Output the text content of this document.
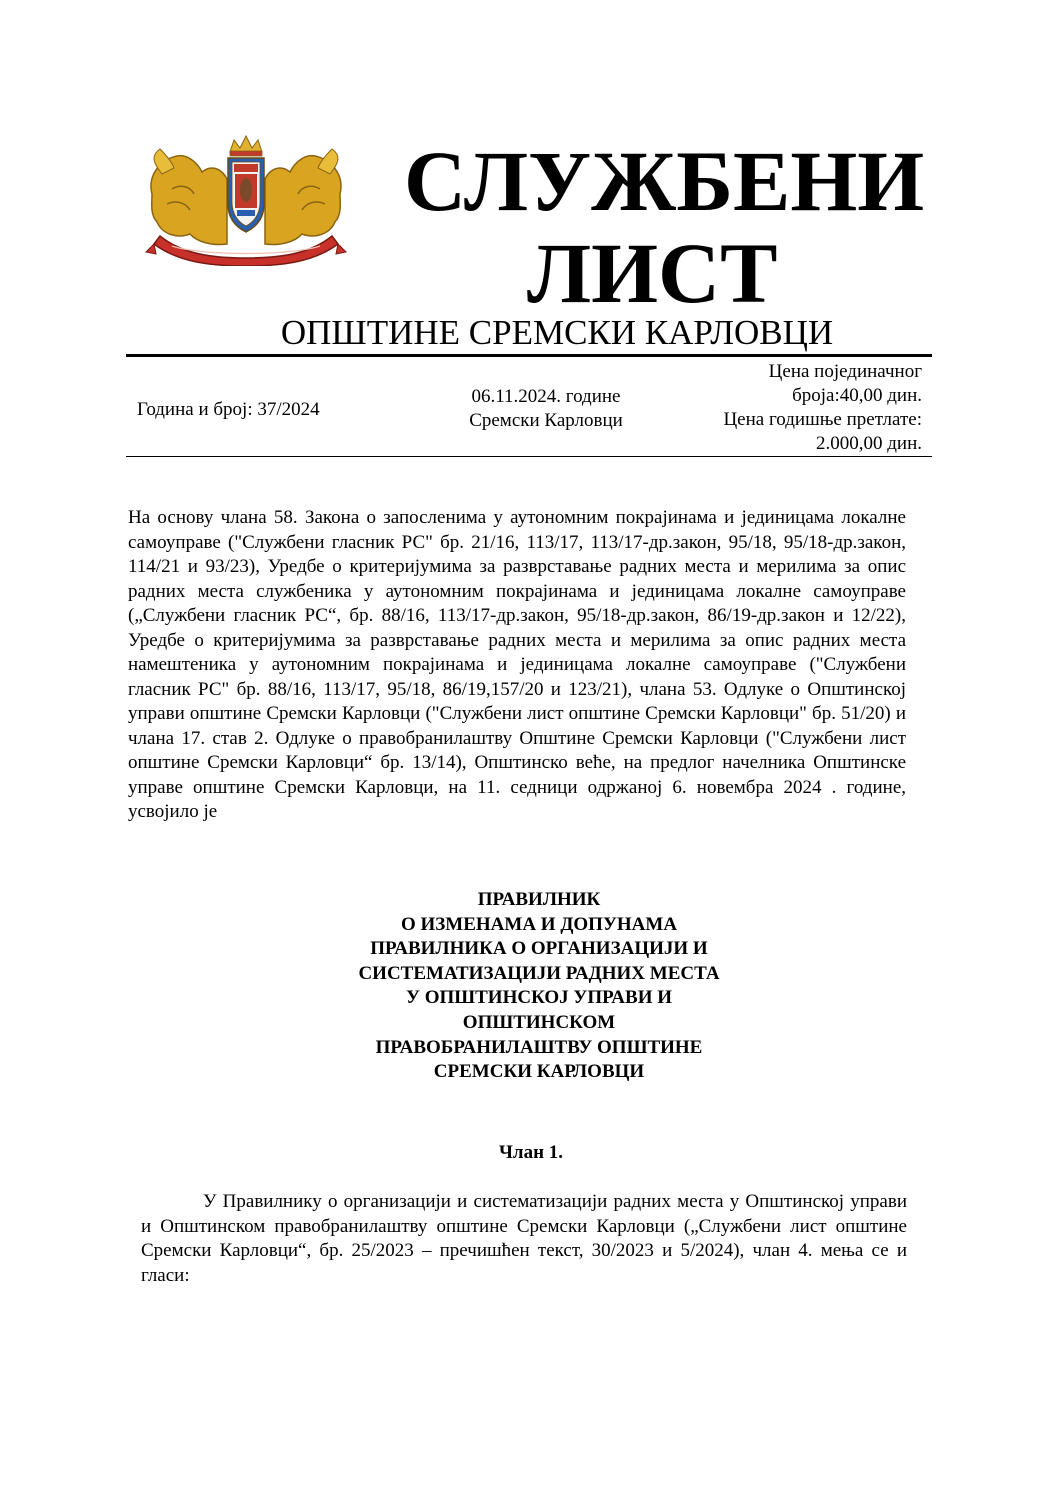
СЛУЖБЕНИ
ЛИСТ
ОПШТИНЕ СРЕМСКИ КАРЛОВЦИ
Година и број: 37/2024
06.11.2024. године
Сремски Карловци
Цена појединачног
броја:40,00 дин.
Цена годишње претлате:
2.000,00 дин.

На основу члана 58. Закона о запосленима у аутономним покрајинама и јединицама локалне самоуправе ("Службени гласник РС" бр. 21/16, 113/17, 113/17-др.закон, 95/18, 95/18-др.закон, 114/21 и 93/23), Уредбе о критеријумима за разврставање радних места и мерилима за опис радних места службеника у аутономним покрајинама и јединицама локалне самоуправе („Службени гласник РС“, бр. 88/16, 113/17-др.закон, 95/18-др.закон, 86/19-др.закон и 12/22), Уредбе о критеријумима за разврставање радних места и мерилима за опис радних места намештеника у аутономним покрајинама и јединицама локалне самоуправе ("Службени гласник РС" бр. 88/16, 113/17, 95/18, 86/19,157/20 и 123/21), члана 53. Одлуке о Општинској управи општине Сремски Карловци ("Службени лист општине Сремски Карловци" бр. 51/20) и члана 17. став 2. Одлуке о правобранилаштву Општине Сремски Карловци ("Службени лист општине Сремски Карловци“ бр. 13/14), Општинско веће, на предлог начелника Општинске управе општине Сремски Карловци, на 11. седници одржаној 6. новембра 2024 . године, усвојило је

ПРАВИЛНИК
О ИЗМЕНАМА И ДОПУНАМА
ПРАВИЛНИКА О ОРГАНИЗАЦИЈИ И
СИСТЕМАТИЗАЦИЈИ РАДНИХ МЕСТА
У ОПШТИНСКОЈ УПРАВИ И
ОПШТИНСКОМ
ПРАВОБРАНИЛАШТВУ ОПШТИНЕ
СРЕМСКИ КАРЛОВЦИ
Члан 1.

У Правилнику о организацији и систематизацији радних места у Општинској управи и Општинском правобранилаштву општине Сремски Карловци („Службени лист општине Сремски Карловци“, бр. 25/2023 – пречишћен текст, 30/2023 и 5/2024), члан 4. мења се и гласи:
